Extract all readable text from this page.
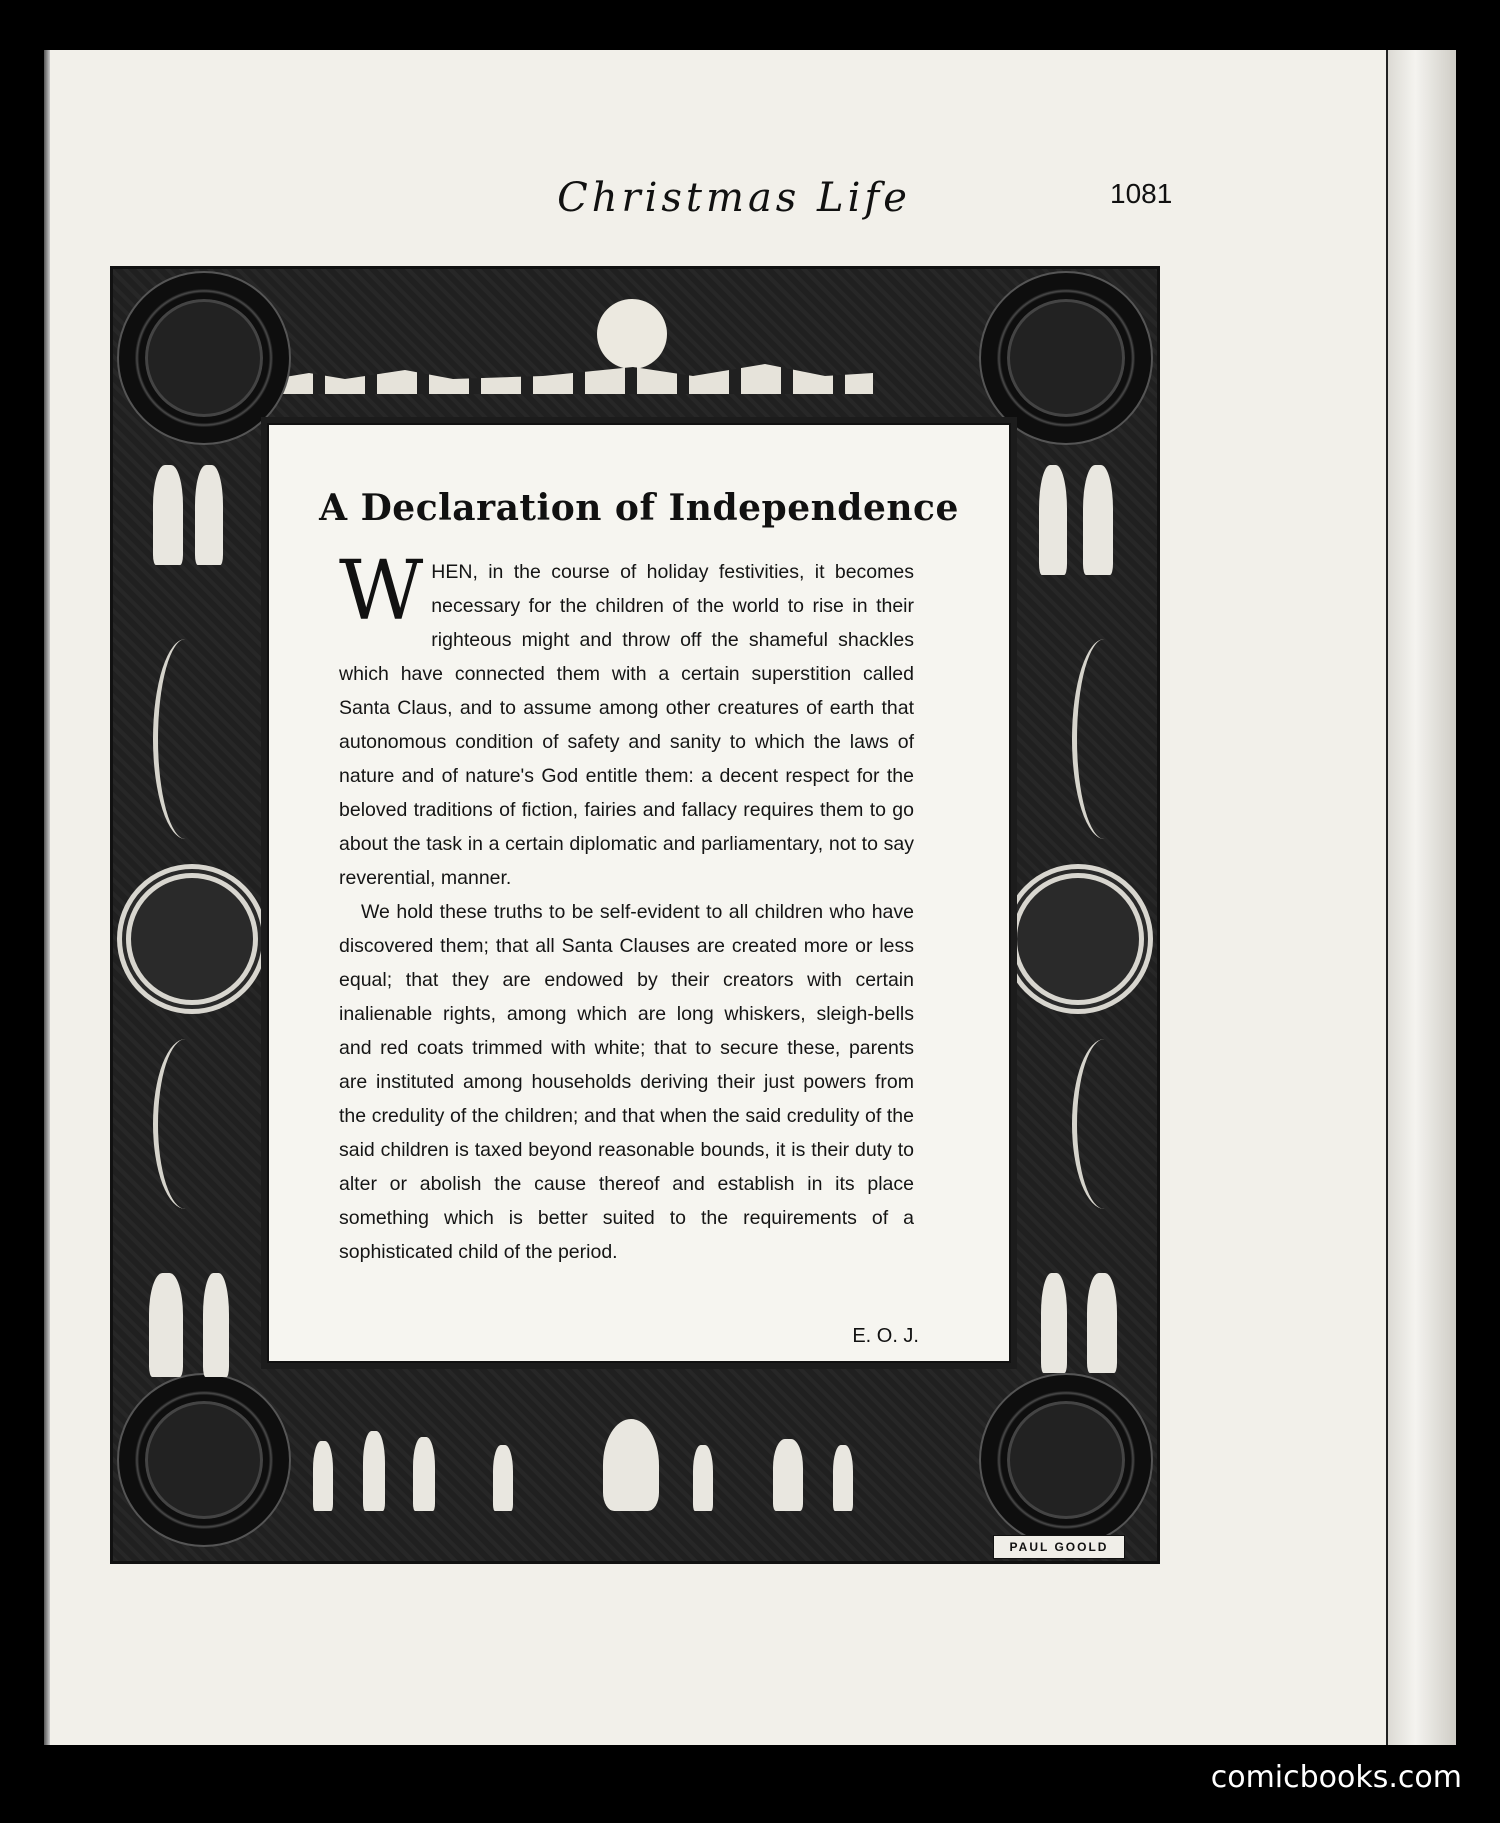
Christmas Life	1081
A Declaration of Independence

WHEN, in the course of holiday festivities, it becomes necessary for the children of the world to rise in their righteous might and throw off the shameful shackles which have connected them with a certain superstition called Santa Claus, and to assume among other creatures of earth that autonomous condition of safety and sanity to which the laws of nature and of nature's God entitle them: a decent respect for the beloved traditions of fiction, fairies and fallacy requires them to go about the task in a certain diplomatic and parliamentary, not to say reverential, manner.

We hold these truths to be self-evident to all children who have discovered them; that all Santa Clauses are created more or less equal; that they are endowed by their creators with certain inalienable rights, among which are long whiskers, sleigh-bells and red coats trimmed with white; that to secure these, parents are instituted among households deriving their just powers from the credulity of the children; and that when the said credulity of the said children is taxed beyond reasonable bounds, it is their duty to alter or abolish the cause thereof and establish in its place something which is better suited to the requirements of a sophisticated child of the period.

E. O. J.
PAUL GOOLD
comicbooks.com
